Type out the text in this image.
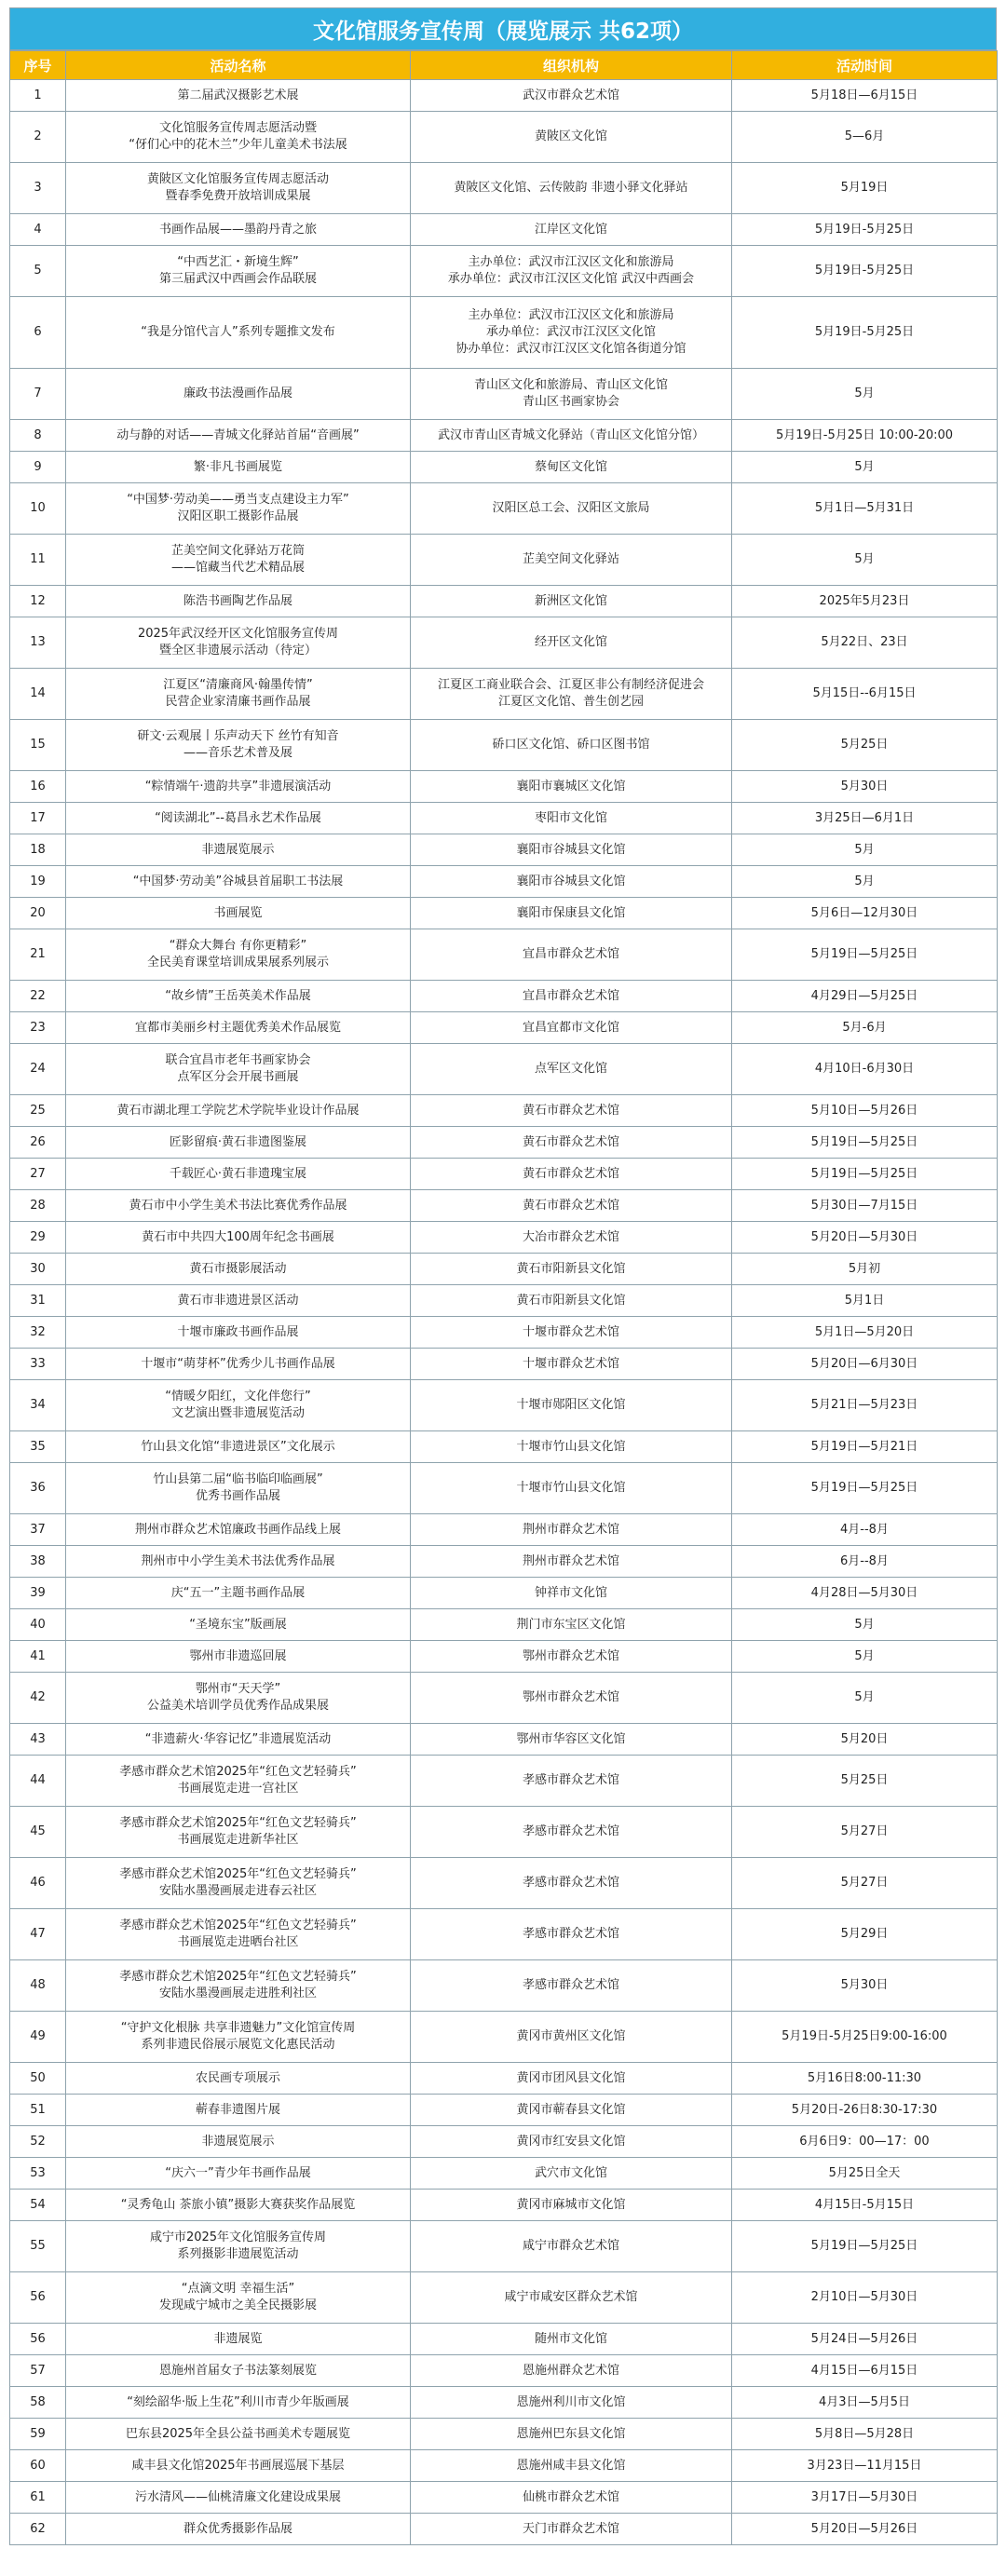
文化馆服务宣传周（展览展示 共62项）
序号	活动名称	组织机构	活动时间
1	第二届武汉摄影艺术展	武汉市群众艺术馆	5月18日—6月15日
2	文化馆服务宣传周志愿活动暨
“伢们心中的花木兰”少年儿童美术书法展	黄陂区文化馆	5—6月
3	黄陂区文化馆服务宣传周志愿活动
暨春季免费开放培训成果展	黄陂区文化馆、云传陂韵 非遗小驿文化驿站	5月19日
4	书画作品展——墨韵丹青之旅	江岸区文化馆	5月19日-5月25日
5	“中西艺汇・新境生辉”
第三届武汉中西画会作品联展	主办单位：武汉市江汉区文化和旅游局
承办单位：武汉市江汉区文化馆 武汉中西画会	5月19日-5月25日
6	“我是分馆代言人”系列专题推文发布	主办单位：武汉市江汉区文化和旅游局
承办单位：武汉市江汉区文化馆
协办单位：武汉市江汉区文化馆各街道分馆	5月19日-5月25日
7	廉政书法漫画作品展	青山区文化和旅游局、青山区文化馆
青山区书画家协会	5月
8	动与静的对话——青城文化驿站首届“音画展”	武汉市青山区青城文化驿站（青山区文化馆分馆）	5月19日-5月25日 10:00-20:00
9	繁·非凡书画展览	蔡甸区文化馆	5月
10	“中国梦·劳动美——勇当支点建设主力军”
汉阳区职工摄影作品展	汉阳区总工会、汉阳区文旅局	5月1日—5月31日
11	芷美空间文化驿站万花筒
——馆藏当代艺术精品展	芷美空间文化驿站	5月
12	陈浩书画陶艺作品展	新洲区文化馆	2025年5月23日
13	2025年武汉经开区文化馆服务宣传周
暨全区非遗展示活动（待定）	经开区文化馆	5月22日、23日
14	江夏区“清廉商风·翰墨传情”
民营企业家清廉书画作品展	江夏区工商业联合会、江夏区非公有制经济促进会
江夏区文化馆、普生创艺园	5月15日--6月15日
15	研文·云观展丨乐声动天下 丝竹有知音
——音乐艺术普及展	硚口区文化馆、硚口区图书馆	5月25日
16	“粽情端午·遗韵共享”非遗展演活动	襄阳市襄城区文化馆	5月30日
17	“阅读湖北”--葛昌永艺术作品展	枣阳市文化馆	3月25日—6月1日
18	非遗展览展示	襄阳市谷城县文化馆	5月
19	“中国梦·劳动美”谷城县首届职工书法展	襄阳市谷城县文化馆	5月
20	书画展览	襄阳市保康县文化馆	5月6日—12月30日
21	“群众大舞台 有你更精彩”
全民美育课堂培训成果展系列展示	宜昌市群众艺术馆	5月19日—5月25日
22	“故乡情”王岳英美术作品展	宜昌市群众艺术馆	4月29日—5月25日
23	宜都市美丽乡村主题优秀美术作品展览	宜昌宜都市文化馆	5月-6月
24	联合宜昌市老年书画家协会
点军区分会开展书画展	点军区文化馆	4月10日-6月30日
25	黄石市湖北理工学院艺术学院毕业设计作品展	黄石市群众艺术馆	5月10日—5月26日
26	匠影留痕·黄石非遗图鉴展	黄石市群众艺术馆	5月19日—5月25日
27	千载匠心·黄石非遗瑰宝展	黄石市群众艺术馆	5月19日—5月25日
28	黄石市中小学生美术书法比赛优秀作品展	黄石市群众艺术馆	5月30日—7月15日
29	黄石市中共四大100周年纪念书画展	大冶市群众艺术馆	5月20日—5月30日
30	黄石市摄影展活动	黄石市阳新县文化馆	5月初
31	黄石市非遗进景区活动	黄石市阳新县文化馆	5月1日
32	十堰市廉政书画作品展	十堰市群众艺术馆	5月1日—5月20日
33	十堰市“萌芽杯”优秀少儿书画作品展	十堰市群众艺术馆	5月20日—6月30日
34	“情暖夕阳红，文化伴您行”
文艺演出暨非遗展览活动	十堰市郧阳区文化馆	5月21日—5月23日
35	竹山县文化馆“非遗进景区”文化展示	十堰市竹山县文化馆	5月19日—5月21日
36	竹山县第二届“临书临印临画展”
优秀书画作品展	十堰市竹山县文化馆	5月19日—5月25日
37	荆州市群众艺术馆廉政书画作品线上展	荆州市群众艺术馆	4月--8月
38	荆州市中小学生美术书法优秀作品展	荆州市群众艺术馆	6月--8月
39	庆“五一”主题书画作品展	钟祥市文化馆	4月28日—5月30日
40	“圣境东宝”版画展	荆门市东宝区文化馆	5月
41	鄂州市非遗巡回展	鄂州市群众艺术馆	5月
42	鄂州市“天天学”
公益美术培训学员优秀作品成果展	鄂州市群众艺术馆	5月
43	“非遗薪火·华容记忆”非遗展览活动	鄂州市华容区文化馆	5月20日
44	孝感市群众艺术馆2025年“红色文艺轻骑兵”
书画展览走进一宫社区	孝感市群众艺术馆	5月25日
45	孝感市群众艺术馆2025年“红色文艺轻骑兵”
书画展览走进新华社区	孝感市群众艺术馆	5月27日
46	孝感市群众艺术馆2025年“红色文艺轻骑兵”
安陆水墨漫画展走进春云社区	孝感市群众艺术馆	5月27日
47	孝感市群众艺术馆2025年“红色文艺轻骑兵”
书画展览走进晒台社区	孝感市群众艺术馆	5月29日
48	孝感市群众艺术馆2025年“红色文艺轻骑兵”
安陆水墨漫画展走进胜利社区	孝感市群众艺术馆	5月30日
49	“守护文化根脉 共享非遗魅力”文化馆宣传周
系列非遗民俗展示展览文化惠民活动	黄冈市黄州区文化馆	5月19日-5月25日9:00-16:00
50	农民画专项展示	黄冈市团风县文化馆	5月16日8:00-11:30
51	蕲春非遗图片展	黄冈市蕲春县文化馆	5月20日-26日8:30-17:30
52	非遗展览展示	黄冈市红安县文化馆	6月6日9：00—17：00
53	“庆六一”青少年书画作品展	武穴市文化馆	5月25日全天
54	“灵秀龟山 茶旅小镇”摄影大赛获奖作品展览	黄冈市麻城市文化馆	4月15日-5月15日
55	咸宁市2025年文化馆服务宣传周
系列摄影非遗展览活动	咸宁市群众艺术馆	5月19日—5月25日
56	“点滴文明 幸福生活”
发现咸宁城市之美全民摄影展	咸宁市咸安区群众艺术馆	2月10日—5月30日
56	非遗展览	随州市文化馆	5月24日—5月26日
57	恩施州首届女子书法篆刻展览	恩施州群众艺术馆	4月15日—6月15日
58	“刻绘韶华·版上生花”利川市青少年版画展	恩施州利川市文化馆	4月3日—5月5日
59	巴东县2025年全县公益书画美术专题展览	恩施州巴东县文化馆	5月8日—5月28日
60	咸丰县文化馆2025年书画展巡展下基层	恩施州咸丰县文化馆	3月23日—11月15日
61	污水清风——仙桃清廉文化建设成果展	仙桃市群众艺术馆	3月17日—5月30日
62	群众优秀摄影作品展	天门市群众艺术馆	5月20日—5月26日
